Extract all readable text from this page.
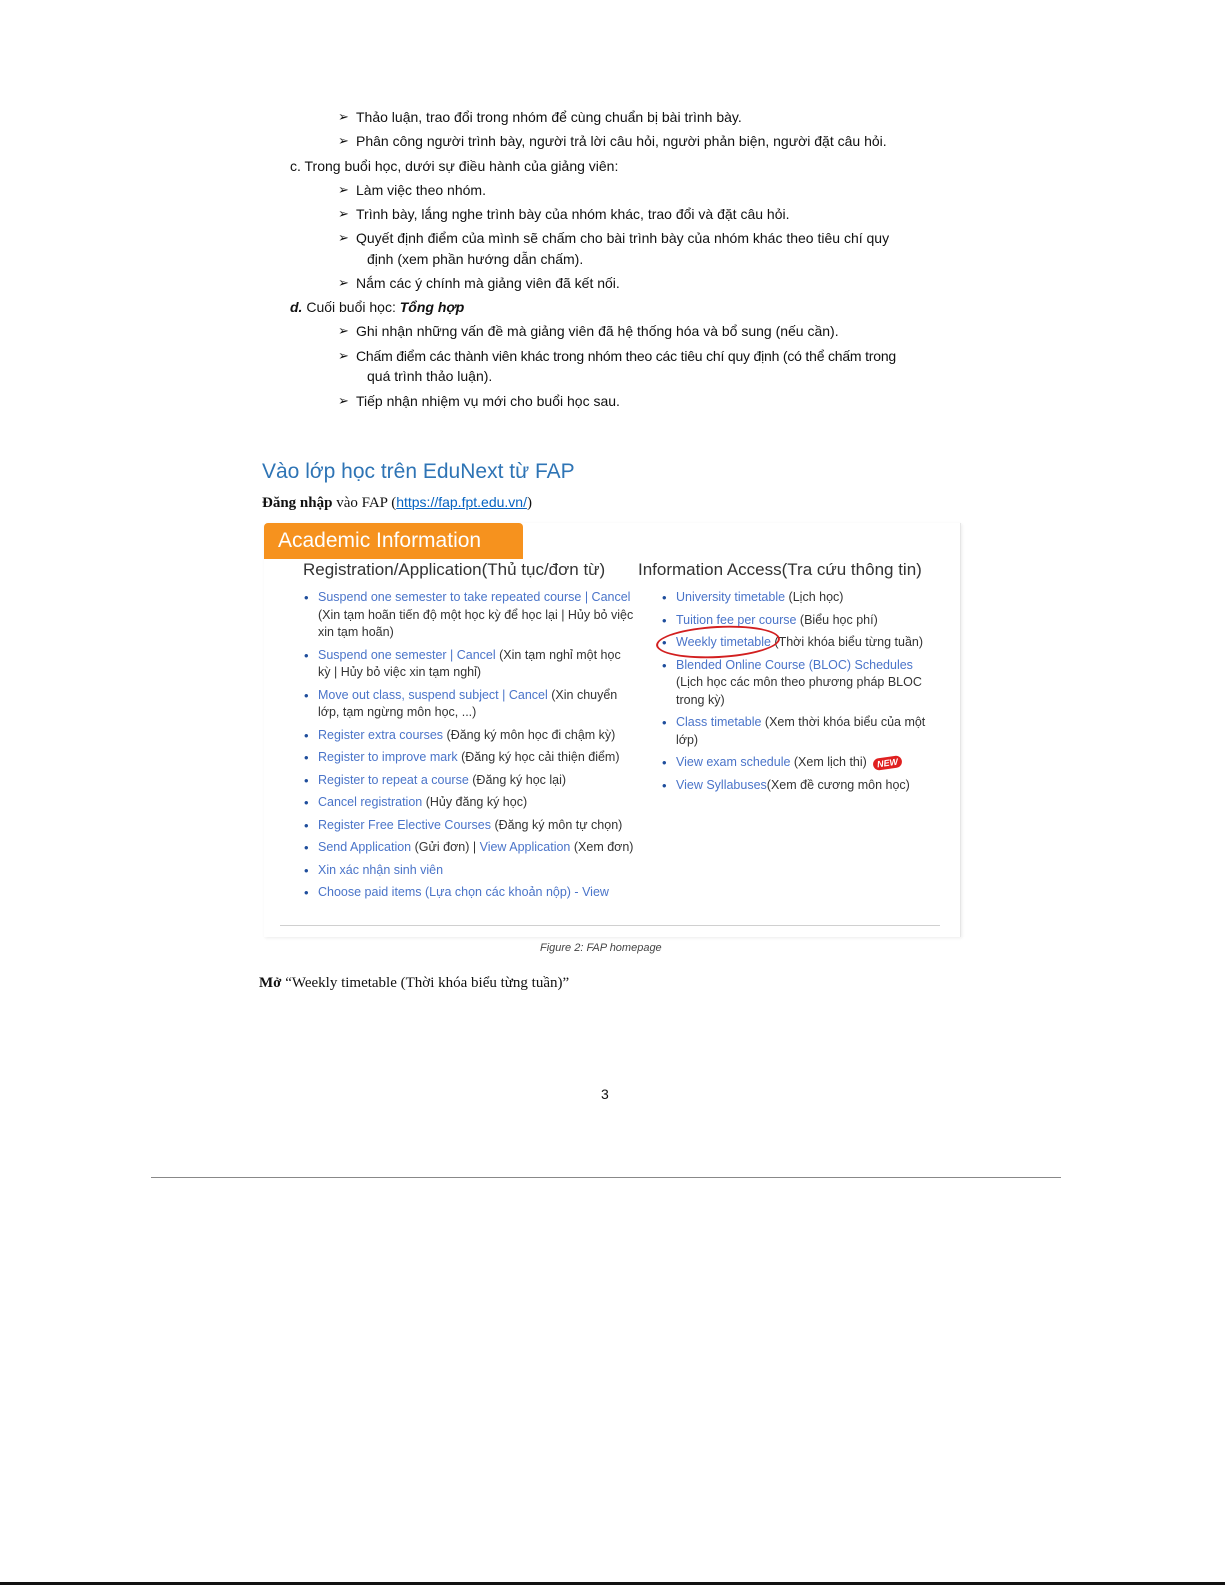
➢ Thảo luận, trao đổi trong nhóm để cùng chuẩn bị bài trình bày.
➢ Phân công người trình bày, người trả lời câu hỏi, người phản biện, người đặt câu hỏi.
c. Trong buổi học, dưới sự điều hành của giảng viên:
➢ Làm việc theo nhóm.
➢ Trình bày, lắng nghe trình bày của nhóm khác, trao đổi và đặt câu hỏi.
➢ Quyết định điểm của mình sẽ chấm cho bài trình bày của nhóm khác theo tiêu chí quy
định (xem phần hướng dẫn chấm).
➢ Nắm các ý chính mà giảng viên đã kết nối.
d. Cuối buổi học: Tổng hợp
➢ Ghi nhận những vấn đề mà giảng viên đã hệ thống hóa và bổ sung (nếu cần).
➢ Chấm điểm các thành viên khác trong nhóm theo các tiêu chí quy định (có thể chấm trong
quá trình thảo luận).
➢ Tiếp nhận nhiệm vụ mới cho buổi học sau.
Vào lớp học trên EduNext từ FAP
Đăng nhập vào FAP (https://fap.fpt.edu.vn/)
Academic Information
Registration/Application(Thủ tục/đơn từ) Information Access(Tra cứu thông tin)
• Suspend one semester to take repeated course | Cancel (Xin tạm hoãn tiến độ một học kỳ để học lại | Hủy bỏ việc xin tạm hoãn)
• Suspend one semester | Cancel (Xin tạm nghỉ một học kỳ | Hủy bỏ việc xin tạm nghỉ)
• Move out class, suspend subject | Cancel (Xin chuyển lớp, tạm ngừng môn học, ...)
• Register extra courses (Đăng ký môn học đi chậm kỳ)
• Register to improve mark (Đăng ký học cải thiện điểm)
• Register to repeat a course (Đăng ký học lại)
• Cancel registration (Hủy đăng ký học)
• Register Free Elective Courses (Đăng ký môn tự chọn)
• Send Application (Gửi đơn) | View Application (Xem đơn)
• Xin xác nhận sinh viên
• Choose paid items (Lựa chọn các khoản nộp) - View
• University timetable (Lịch học)
• Tuition fee per course (Biểu học phí)
• Weekly timetable (Thời khóa biểu từng tuần)
• Blended Online Course (BLOC) Schedules (Lịch học các môn theo phương pháp BLOC trong kỳ)
• Class timetable (Xem thời khóa biểu của một lớp)
• View exam schedule (Xem lịch thi) NEW
• View Syllabuses(Xem đề cương môn học)
Figure 2: FAP homepage
Mở “Weekly timetable (Thời khóa biểu từng tuần)”
3
